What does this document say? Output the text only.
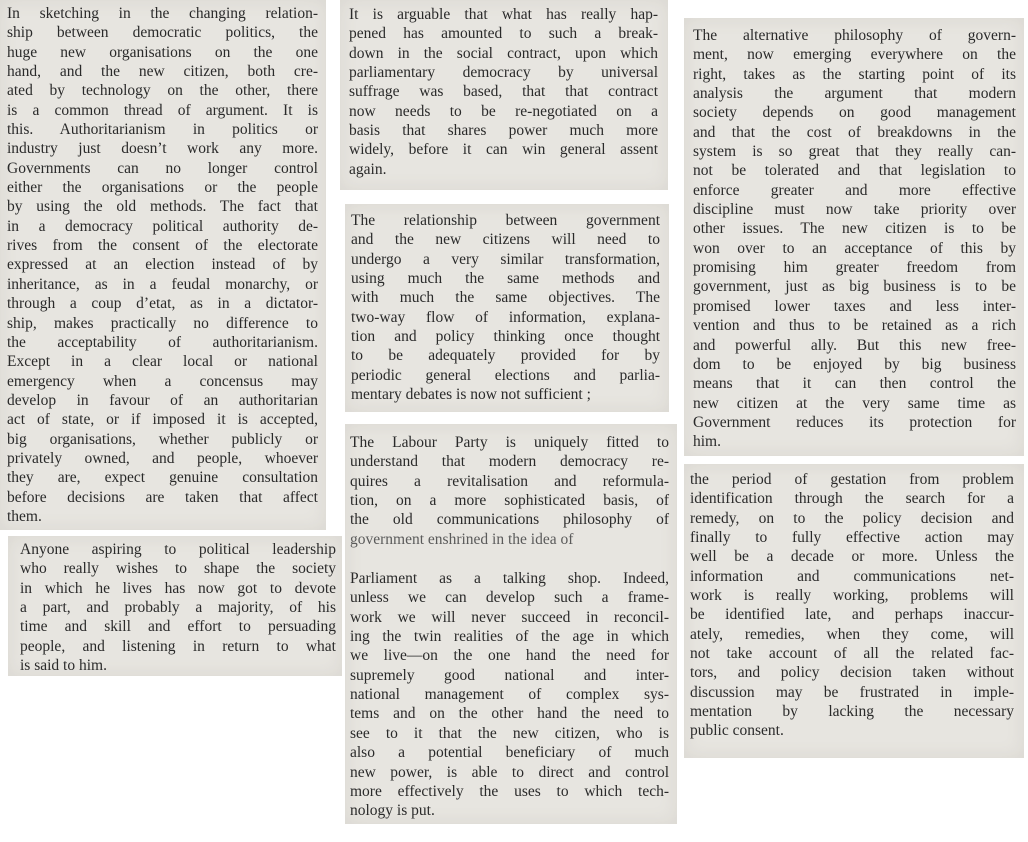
In sketching in the changing relation-
ship between democratic politics, the
huge new organisations on the one
hand, and the new citizen, both cre-
ated by technology on the other, there
is a common thread of argument. It is
this. Authoritarianism in politics or
industry just doesn’t work any more.
Governments can no longer control
either the organisations or the people
by using the old methods. The fact that
in a democracy political authority de-
rives from the consent of the electorate
expressed at an election instead of by
inheritance, as in a feudal monarchy, or
through a coup d’etat, as in a dictator-
ship, makes practically no difference to
the acceptability of authoritarianism.
Except in a clear local or national
emergency when a concensus may
develop in favour of an authoritarian
act of state, or if imposed it is accepted,
big organisations, whether publicly or
privately owned, and people, whoever
they are, expect genuine consultation
before decisions are taken that affect
them.
Anyone aspiring to political leadership
who really wishes to shape the society
in which he lives has now got to devote
a part, and probably a majority, of his
time and skill and effort to persuading
people, and listening in return to what
is said to him.
It is arguable that what has really hap-
pened has amounted to such a break-
down in the social contract, upon which
parliamentary democracy by universal
suffrage was based, that that contract
now needs to be re-negotiated on a
basis that shares power much more
widely, before it can win general assent
again.
The relationship between government
and the new citizens will need to
undergo a very similar transformation,
using much the same methods and
with much the same objectives. The
two-way flow of information, explana-
tion and policy thinking once thought
to be adequately provided for by
periodic general elections and parlia-
mentary debates is now not sufficient ;
The Labour Party is uniquely fitted to
understand that modern democracy re-
quires a revitalisation and reformula-
tion, on a more sophisticated basis, of
the old communications philosophy of
government enshrined in the idea of
Parliament as a talking shop. Indeed,
unless we can develop such a frame-
work we will never succeed in reconcil-
ing the twin realities of the age in which
we live—on the one hand the need for
supremely good national and inter-
national management of complex sys-
tems and on the other hand the need to
see to it that the new citizen, who is
also a potential beneficiary of much
new power, is able to direct and control
more effectively the uses to which tech-
nology is put.
The alternative philosophy of govern-
ment, now emerging everywhere on the
right, takes as the starting point of its
analysis the argument that modern
society depends on good management
and that the cost of breakdowns in the
system is so great that they really can-
not be tolerated and that legislation to
enforce greater and more effective
discipline must now take priority over
other issues. The new citizen is to be
won over to an acceptance of this by
promising him greater freedom from
government, just as big business is to be
promised lower taxes and less inter-
vention and thus to be retained as a rich
and powerful ally. But this new free-
dom to be enjoyed by big business
means that it can then control the
new citizen at the very same time as
Government reduces its protection for
him.
the period of gestation from problem
identification through the search for a
remedy, on to the policy decision and
finally to fully effective action may
well be a decade or more. Unless the
information and communications net-
work is really working, problems will
be identified late, and perhaps inaccur-
ately, remedies, when they come, will
not take account of all the related fac-
tors, and policy decision taken without
discussion may be frustrated in imple-
mentation by lacking the necessary
public consent.
